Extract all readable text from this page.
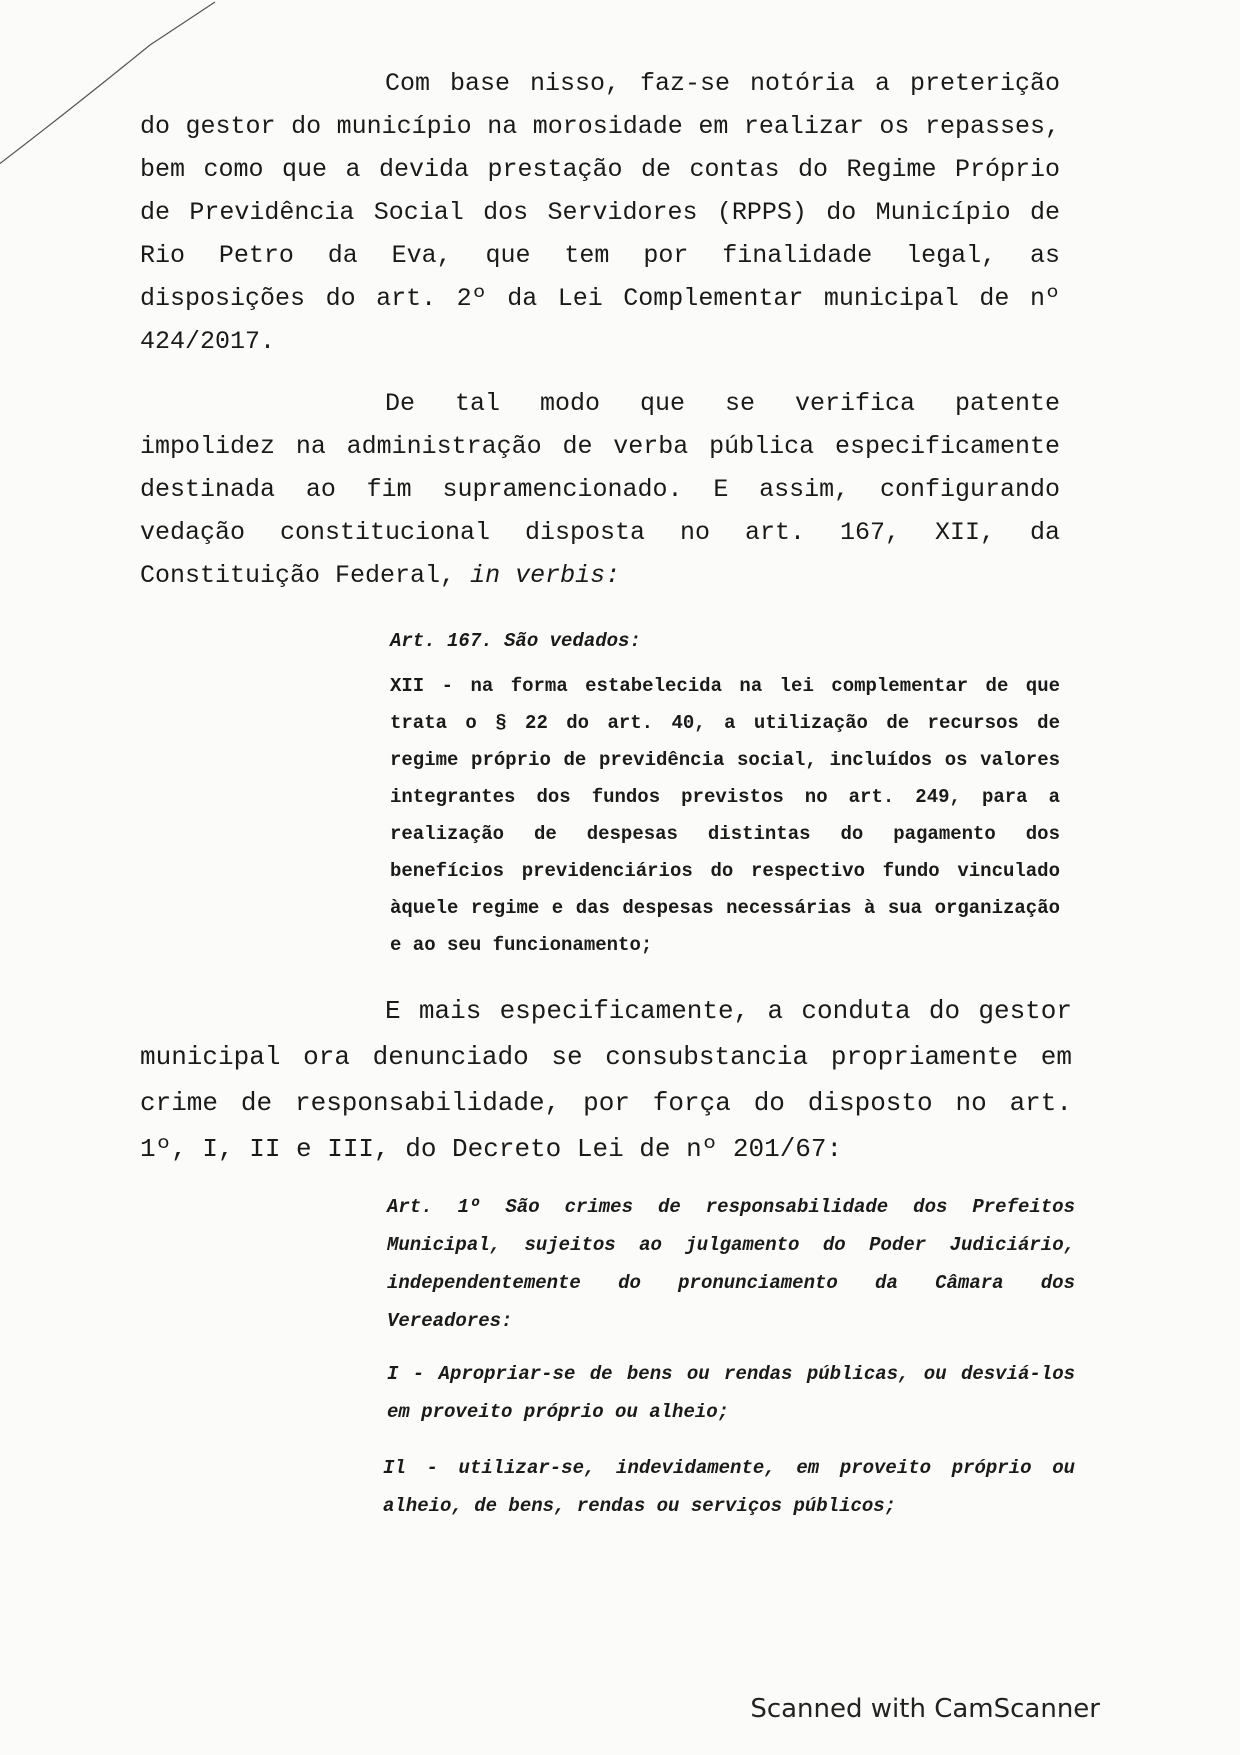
Com base nisso, faz-se notória a preterição do gestor do município na morosidade em realizar os repasses, bem como que a devida prestação de contas do Regime Próprio de Previdência Social dos Servidores (RPPS) do Município de Rio Petro da Eva, que tem por finalidade legal, as disposições do art. 2º da Lei Complementar municipal de nº 424/2017.

De tal modo que se verifica patente impolidez na administração de verba pública especificamente destinada ao fim supramencionado. E assim, configurando vedação constitucional disposta no art. 167, XII, da Constituição Federal, in verbis:

Art. 167. São vedados:

XII - na forma estabelecida na lei complementar de que trata o § 22 do art. 40, a utilização de recursos de regime próprio de previdência social, incluídos os valores integrantes dos fundos previstos no art. 249, para a realização de despesas distintas do pagamento dos benefícios previdenciários do respectivo fundo vinculado àquele regime e das despesas necessárias à sua organização e ao seu funcionamento;

E mais especificamente, a conduta do gestor municipal ora denunciado se consubstancia propriamente em crime de responsabilidade, por força do disposto no art. 1º, I, II e III, do Decreto Lei de nº 201/67:

Art. 1º São crimes de responsabilidade dos Prefeitos Municipal, sujeitos ao julgamento do Poder Judiciário, independentemente do pronunciamento da Câmara dos Vereadores:

I - Apropriar-se de bens ou rendas públicas, ou desviá-los em proveito próprio ou alheio;

Il - utilizar-se, indevidamente, em proveito próprio ou alheio, de bens, rendas ou serviços públicos;

Scanned with CamScanner
